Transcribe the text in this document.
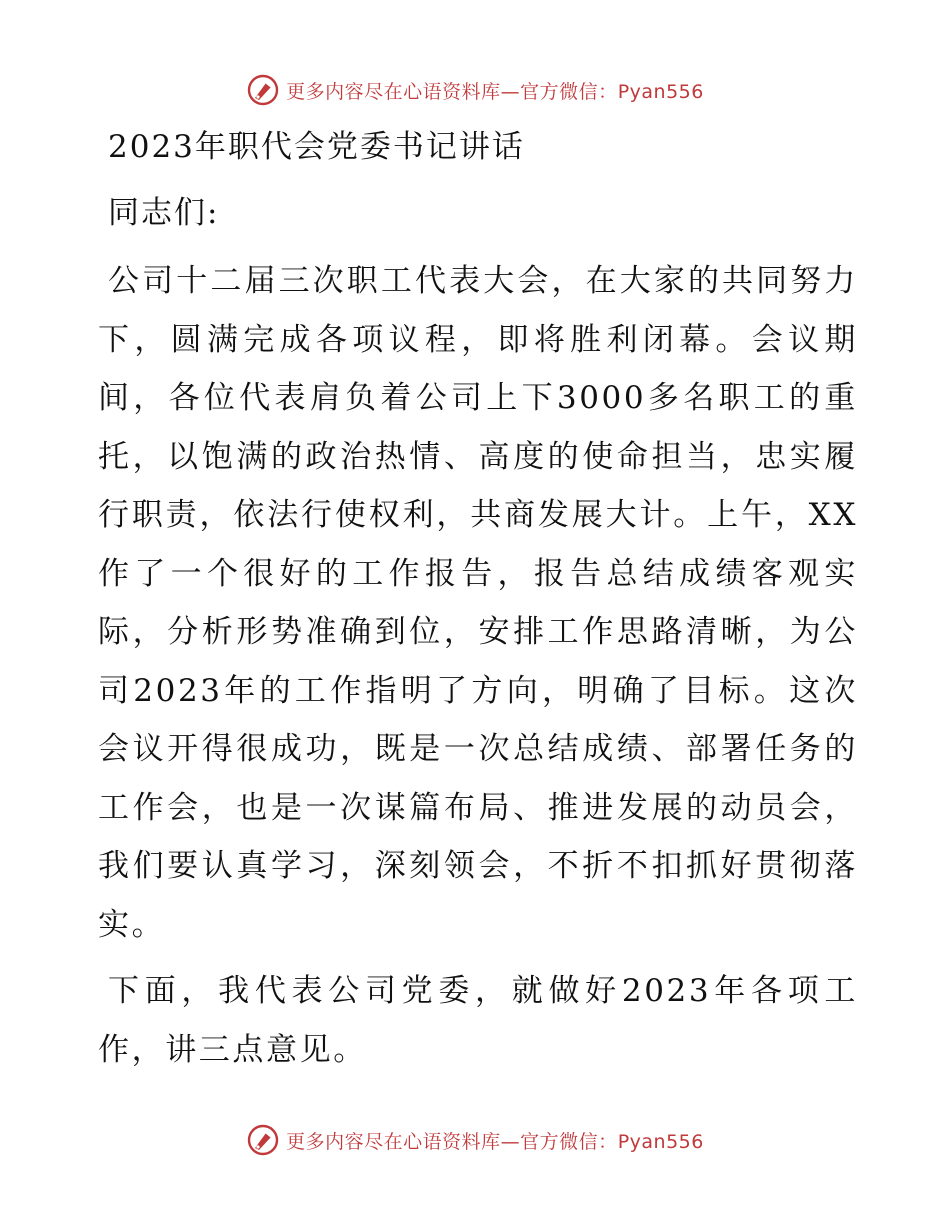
更多内容尽在心语资料库—官方微信：Pyan556
2023年职代会党委书记讲话
同志们:

公司十二届三次职工代表大会，在大家的共同努力下，圆满完成各项议程，即将胜利闭幕。会议期间，各位代表肩负着公司上下3000多名职工的重托，以饱满的政治热情、高度的使命担当，忠实履行职责，依法行使权利，共商发展大计。上午，XX作了一个很好的工作报告，报告总结成绩客观实际，分析形势准确到位，安排工作思路清晰，为公司2023年的工作指明了方向，明确了目标。这次会议开得很成功，既是一次总结成绩、部署任务的工作会，也是一次谋篇布局、推进发展的动员会，我们要认真学习，深刻领会，不折不扣抓好贯彻落实。

下面，我代表公司党委，就做好2023年各项工作，讲三点意见。

更多内容尽在心语资料库—官方微信：Pyan556
